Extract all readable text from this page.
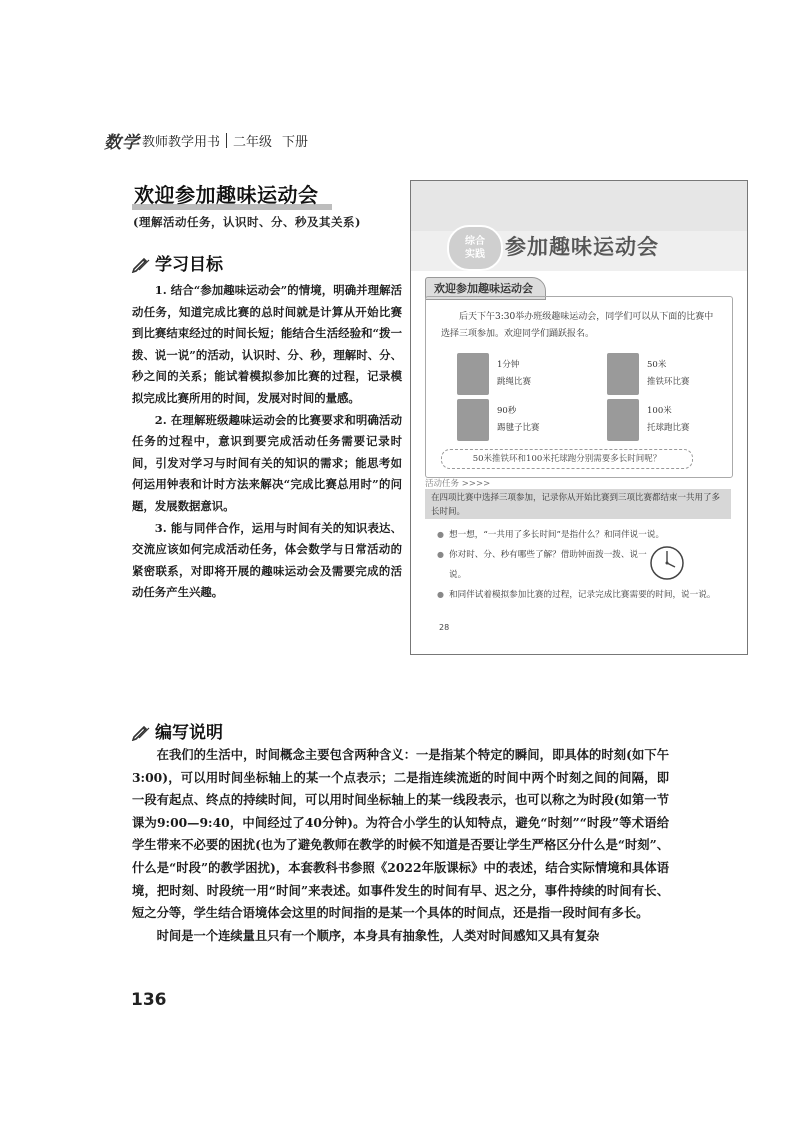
数学 教师教学用书 二年级 下册
欢迎参加趣味运动会
(理解活动任务，认识时、分、秒及其关系)
学习目标

1. 结合“参加趣味运动会”的情境，明确并理解活动任务，知道完成比赛的总时间就是计算从开始比赛到比赛结束经过的时间长短；能结合生活经验和“拨一拨、说一说”的活动，认识时、分、秒，理解时、分、秒之间的关系；能试着模拟参加比赛的过程，记录模拟完成比赛所用的时间，发展对时间的量感。

2. 在理解班级趣味运动会的比赛要求和明确活动任务的过程中，意识到要完成活动任务需要记录时间，引发对学习与时间有关的知识的需求；能思考如何运用钟表和计时方法来解决“完成比赛总用时”的问题，发展数据意识。

3. 能与同伴合作，运用与时间有关的知识表达、交流应该如何完成活动任务，体会数学与日常活动的紧密联系，对即将开展的趣味运动会及需要完成的活动任务产生兴趣。

综合
实践 参加趣味运动会
欢迎参加趣味运动会

后天下午3:30举办班级趣味运动会，同学们可以从下面的比赛中选择三项参加。欢迎同学们踊跃报名。

1分钟
跳绳比赛
50米
推铁环比赛
90秒
踢毽子比赛
100米
托球跑比赛
50米推铁环和100米托球跑分别需要多长时间呢？
活动任务 >>>>
在四项比赛中选择三项参加，记录你从开始比赛到三项比赛都结束一共用了多长时间。
● 想一想，“一共用了多长时间”是指什么？和同伴说一说。
● 你对时、分、秒有哪些了解？借助钟面拨一拨、说一说。
● 和同伴试着模拟参加比赛的过程，记录完成比赛需要的时间，说一说。
28
编写说明

在我们的生活中，时间概念主要包含两种含义：一是指某个特定的瞬间，即具体的时刻(如下午3:00)，可以用时间坐标轴上的某一个点表示；二是指连续流逝的时间中两个时刻之间的间隔，即一段有起点、终点的持续时间，可以用时间坐标轴上的某一线段表示，也可以称之为时段(如第一节课为9:00—9:40，中间经过了40分钟)。为符合小学生的认知特点，避免“时刻”“时段”等术语给学生带来不必要的困扰(也为了避免教师在教学的时候不知道是否要让学生严格区分什么是“时刻”、什么是“时段”的教学困扰)，本套教科书参照《2022年版课标》中的表述，结合实际情境和具体语境，把时刻、时段统一用“时间”来表述。如事件发生的时间有早、迟之分，事件持续的时间有长、短之分等，学生结合语境体会这里的时间指的是某一个具体的时间点，还是指一段时间有多长。

时间是一个连续量且只有一个顺序，本身具有抽象性，人类对时间感知又具有复杂

136
